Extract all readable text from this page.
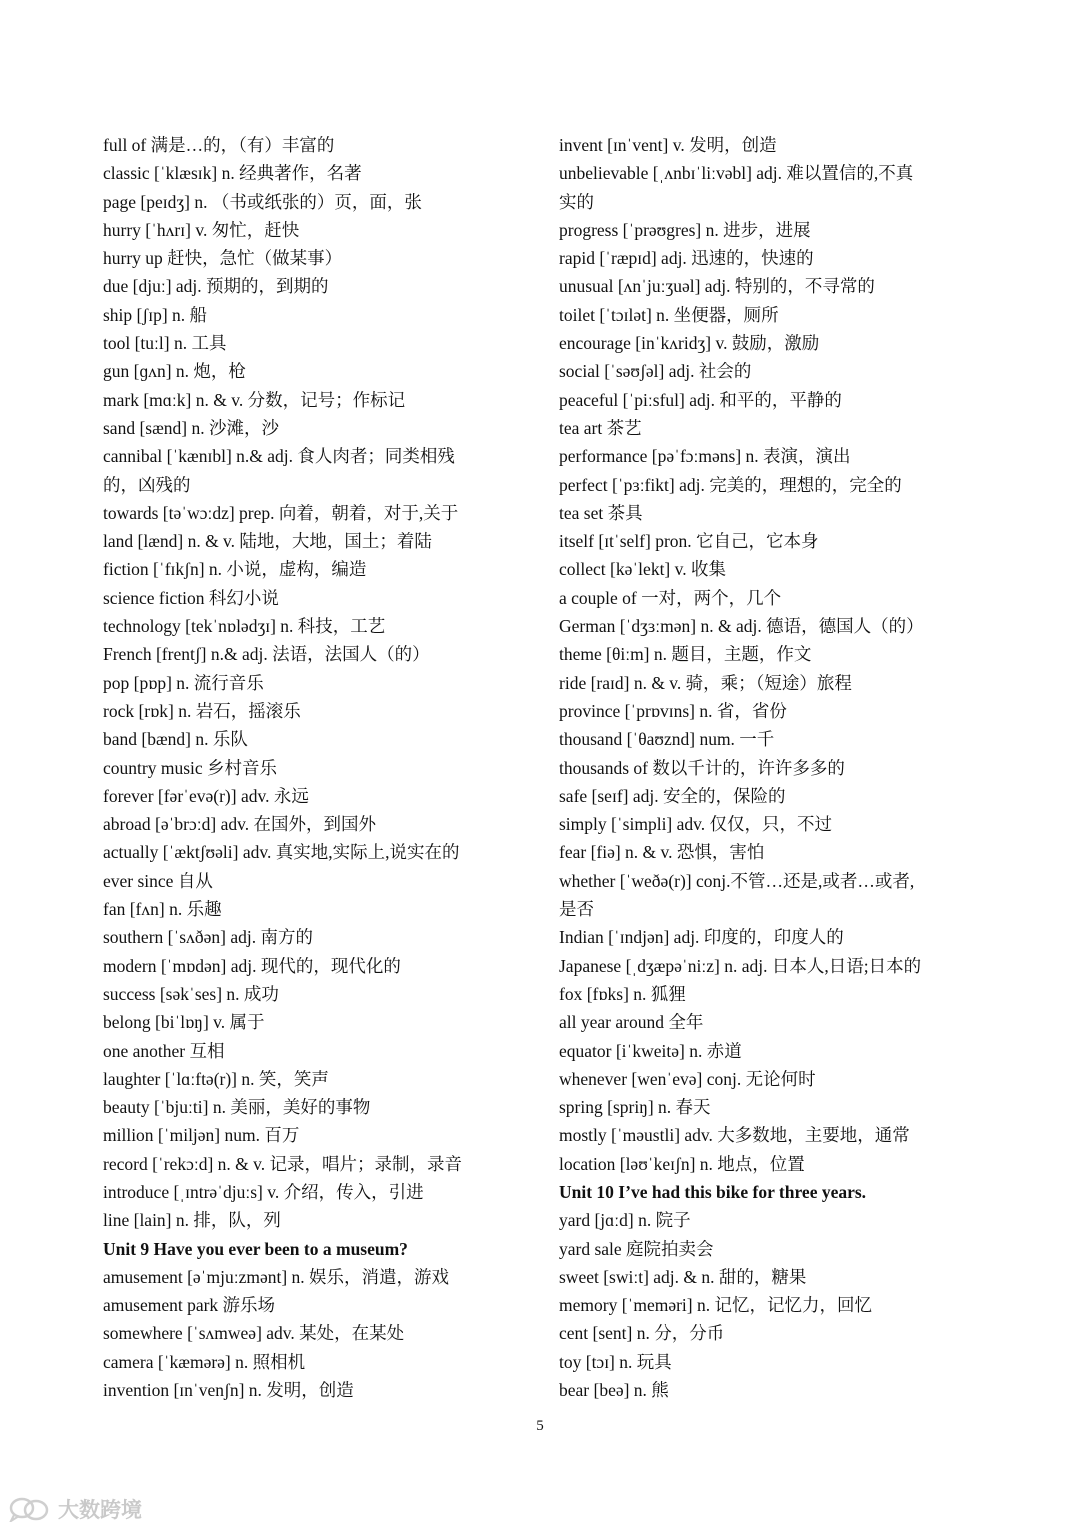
full of 满是…的，（有）丰富的
classic [ˈklæsɪk] n. 经典著作，名著
page [peɪdʒ] n. （书或纸张的）页，面，张
hurry [ˈhʌrɪ] v. 匆忙，赶快
hurry up 赶快，急忙（做某事）
due [djuː] adj. 预期的，到期的
ship [ʃɪp] n. 船
tool [tuːl] n. 工具
gun [ɡʌn] n. 炮，枪
mark [mɑːk] n. & v. 分数，记号；作标记
sand [sænd] n. 沙滩，沙
cannibal [ˈkænɪbl] n.& adj. 食人肉者；同类相残
的，凶残的
towards [təˈwɔːdz] prep. 向着，朝着，对于,关于
land [lænd] n. & v. 陆地，大地，国土；着陆
fiction [ˈfɪkʃn] n. 小说，虚构，编造
science fiction 科幻小说
technology [tekˈnɒlədʒɪ] n. 科技，工艺
French [frentʃ] n.& adj. 法语，法国人（的）
pop [pɒp] n. 流行音乐
rock [rɒk] n. 岩石，摇滚乐
band [bænd] n. 乐队
country music 乡村音乐
forever [fərˈevə(r)] adv. 永远
abroad [əˈbrɔːd] adv. 在国外，到国外
actually [ˈæktʃʊəli] adv. 真实地,实际上,说实在的
ever since 自从
fan [fʌn] n. 乐趣
southern [ˈsʌðən] adj. 南方的
modern [ˈmɒdən] adj. 现代的，现代化的
success [səkˈses] n. 成功
belong [biˈlɒŋ] v. 属于
one another 互相
laughter [ˈlɑːftə(r)] n. 笑，笑声
beauty [ˈbjuːti] n. 美丽，美好的事物
million [ˈmiljən] num. 百万
record [ˈrekɔːd] n. & v. 记录，唱片；录制，录音
introduce [ˌɪntrəˈdjuːs] v. 介绍，传入，引进
line [lain] n. 排，队，列
Unit 9 Have you ever been to a museum?
amusement [əˈmjuːzmənt] n. 娱乐，消遣，游戏
amusement park 游乐场
somewhere [ˈsʌmweə] adv. 某处，在某处
camera [ˈkæmərə] n. 照相机
invention [ɪnˈvenʃn] n. 发明，创造
invent [ɪnˈvent] v. 发明，创造
unbelievable [ˌʌnbɪˈliːvəbl] adj. 难以置信的,不真
实的
progress [ˈprəʊgres] n. 进步，进展
rapid [ˈræpɪd] adj. 迅速的，快速的
unusual [ʌnˈjuːʒuəl] adj. 特别的，不寻常的
toilet [ˈtɔɪlət] n. 坐便器，厕所
encourage [inˈkʌridʒ] v. 鼓励，激励
social [ˈsəʊʃəl] adj. 社会的
peaceful [ˈpiːsful] adj. 和平的，平静的
tea art 茶艺
performance [pəˈfɔːməns] n. 表演，演出
perfect [ˈpɜːfikt] adj. 完美的，理想的，完全的
tea set 茶具
itself [ɪtˈself] pron. 它自己，它本身
collect [kəˈlekt] v. 收集
a couple of 一对，两个，几个
German [ˈdʒɜːmən] n. & adj. 德语，德国人（的）
theme [θiːm] n. 题目，主题，作文
ride [raɪd] n. & v. 骑，乘；（短途）旅程
province [ˈprɒvɪns] n. 省，省份
thousand [ˈθaʊznd] num. 一千
thousands of 数以千计的，许许多多的
safe [seɪf] adj. 安全的，保险的
simply [ˈsimpli] adv. 仅仅，只，不过
fear [fiə] n. & v. 恐惧，害怕
whether [ˈweðə(r)] conj.不管…还是,或者…或者,
是否
Indian [ˈɪndjən] adj. 印度的，印度人的
Japanese [ˌdʒæpəˈniːz] n. adj. 日本人,日语;日本的
fox [fɒks] n. 狐狸
all year around 全年
equator [iˈkweitə] n. 赤道
whenever [wenˈevə] conj. 无论何时
spring [spriŋ] n. 春天
mostly [ˈməustli] adv. 大多数地，主要地，通常
location [ləʊˈkeɪʃn] n. 地点，位置
Unit 10 I’ve had this bike for three years.
yard [jɑːd] n. 院子
yard sale 庭院拍卖会
sweet [swiːt] adj. & n. 甜的，糖果
memory [ˈmeməri] n. 记忆，记忆力，回忆
cent [sent] n. 分，分币
toy [tɔɪ] n. 玩具
bear [beə] n. 熊
5
大数跨境
